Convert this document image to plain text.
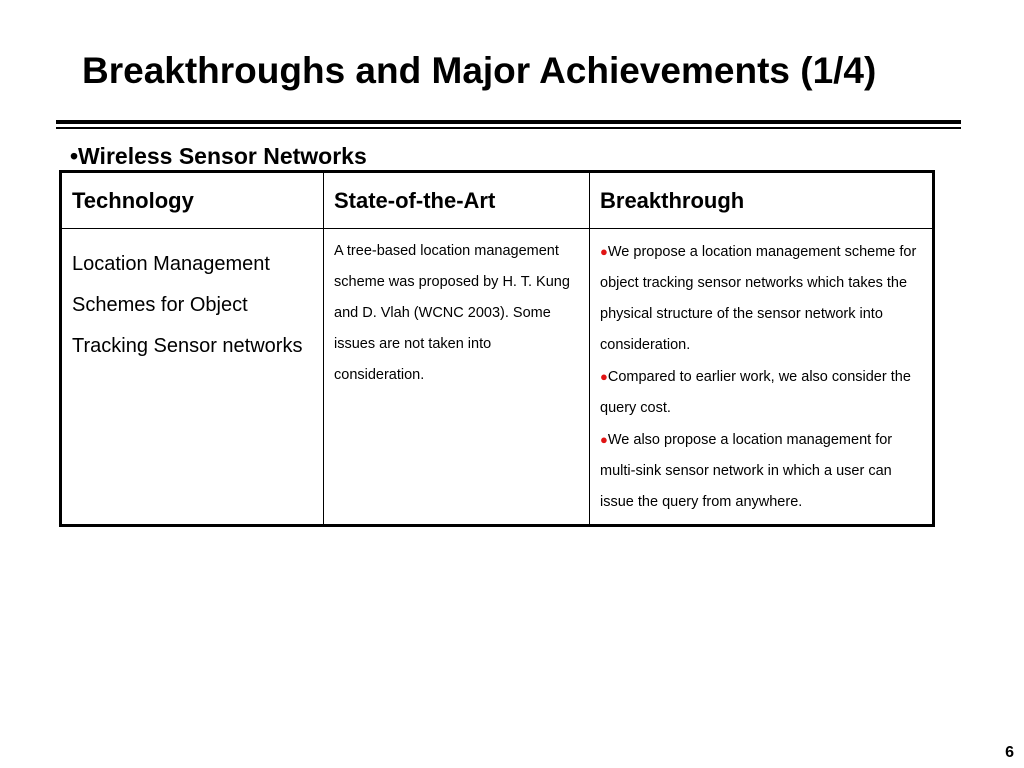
Breakthroughs and Major Achievements (1/4)

•Wireless Sensor Networks

Technology	State-of-the-Art	Breakthrough

Location Management Schemes for Object Tracking Sensor networks	A tree-based location management scheme was proposed by H. T. Kung and D. Vlah (WCNC 2003). Some issues are not taken into consideration.	●We propose a location management scheme for object tracking sensor networks which takes the physical structure of the sensor network into consideration.
●Compared to earlier work, we also consider the query cost.
●We also propose a location management for multi-sink sensor network in which a user can issue the query from anywhere.
6
